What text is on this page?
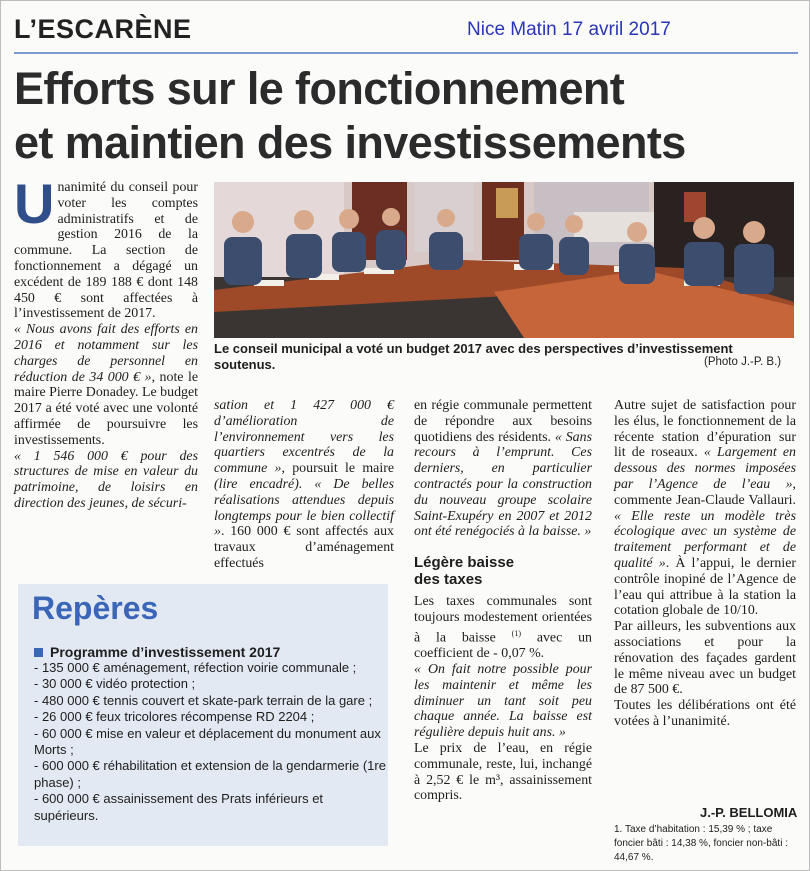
L’ESCARÈNE	Nice Matin 17 avril 2017
Efforts sur le fonctionnement
et maintien des investissements

Unanimité du conseil pour voter les comptes administratifs et de gestion 2016 de la commune. La section de fonctionnement a dégagé un excédent de 189 188 € dont 148 450 € sont affectées à l’investissement de 2017.

« Nous avons fait des efforts en 2016 et notamment sur les charges de personnel en réduction de 34 000 € », note le maire Pierre Donadey. Le budget 2017 a été voté avec une volonté affirmée de poursuivre les investissements.

« 1 546 000 € pour des structures de mise en valeur du patrimoine, de loisirs en direction des jeunes, de sécuri-

Le conseil municipal a voté un budget 2017 avec des perspectives d’investissement soutenus.	(Photo J.-P. B.)

sation et 1 427 000 € d’amélioration de l’environnement vers les quartiers excentrés de la commune », poursuit le maire (lire encadré). « De belles réalisations attendues depuis longtemps pour le bien collectif ». 160 000 € sont affectés aux travaux d’aménagement effectués

en régie communale permettent de répondre aux besoins quotidiens des résidents. « Sans recours à l’emprunt. Ces derniers, en particulier contractés pour la construction du nouveau groupe scolaire Saint-Exupéry en 2007 et 2012 ont été renégociés à la baisse. »

Légère baisse
des taxes

Les taxes communales sont toujours modestement orientées à la baisse $^{(1)}$ avec un coefficient de - 0,07 %.

« On fait notre possible pour les maintenir et même les diminuer un tant soit peu chaque année. La baisse est régulière depuis huit ans. »

Le prix de l’eau, en régie communale, reste, lui, inchangé à 2,52 € le m³, assainissement compris.

Autre sujet de satisfaction pour les élus, le fonctionnement de la récente station d’épuration sur lit de roseaux. « Largement en dessous des normes imposées par l’Agence de l’eau », commente Jean-Claude Vallauri. « Elle reste un modèle très écologique avec un système de traitement performant et de qualité ». À l’appui, le dernier contrôle inopiné de l’Agence de l’eau qui attribue à la station la cotation globale de 10/10.

Par ailleurs, les subventions aux associations et pour la rénovation des façades gardent le même niveau avec un budget de 87 500 €.

Toutes les délibérations ont été votées à l’unanimité.

J.-P. BELLOMIA
1. Taxe d’habitation : 15,39 % ; taxe foncier bâti : 14,38 %, foncier non-bâti : 44,67 %.
Repères
Programme d’investissement 2017
- 135 000 € aménagement, réfection voirie communale ;
- 30 000 € vidéo protection ;
- 480 000 € tennis couvert et skate-park terrain de la gare ;
- 26 000 € feux tricolores récompense RD 2204 ;
- 60 000 € mise en valeur et déplacement du monument aux Morts ;
- 600 000 € réhabilitation et extension de la gendarmerie (1re phase) ;
- 600 000 € assainissement des Prats inférieurs et supérieurs.
